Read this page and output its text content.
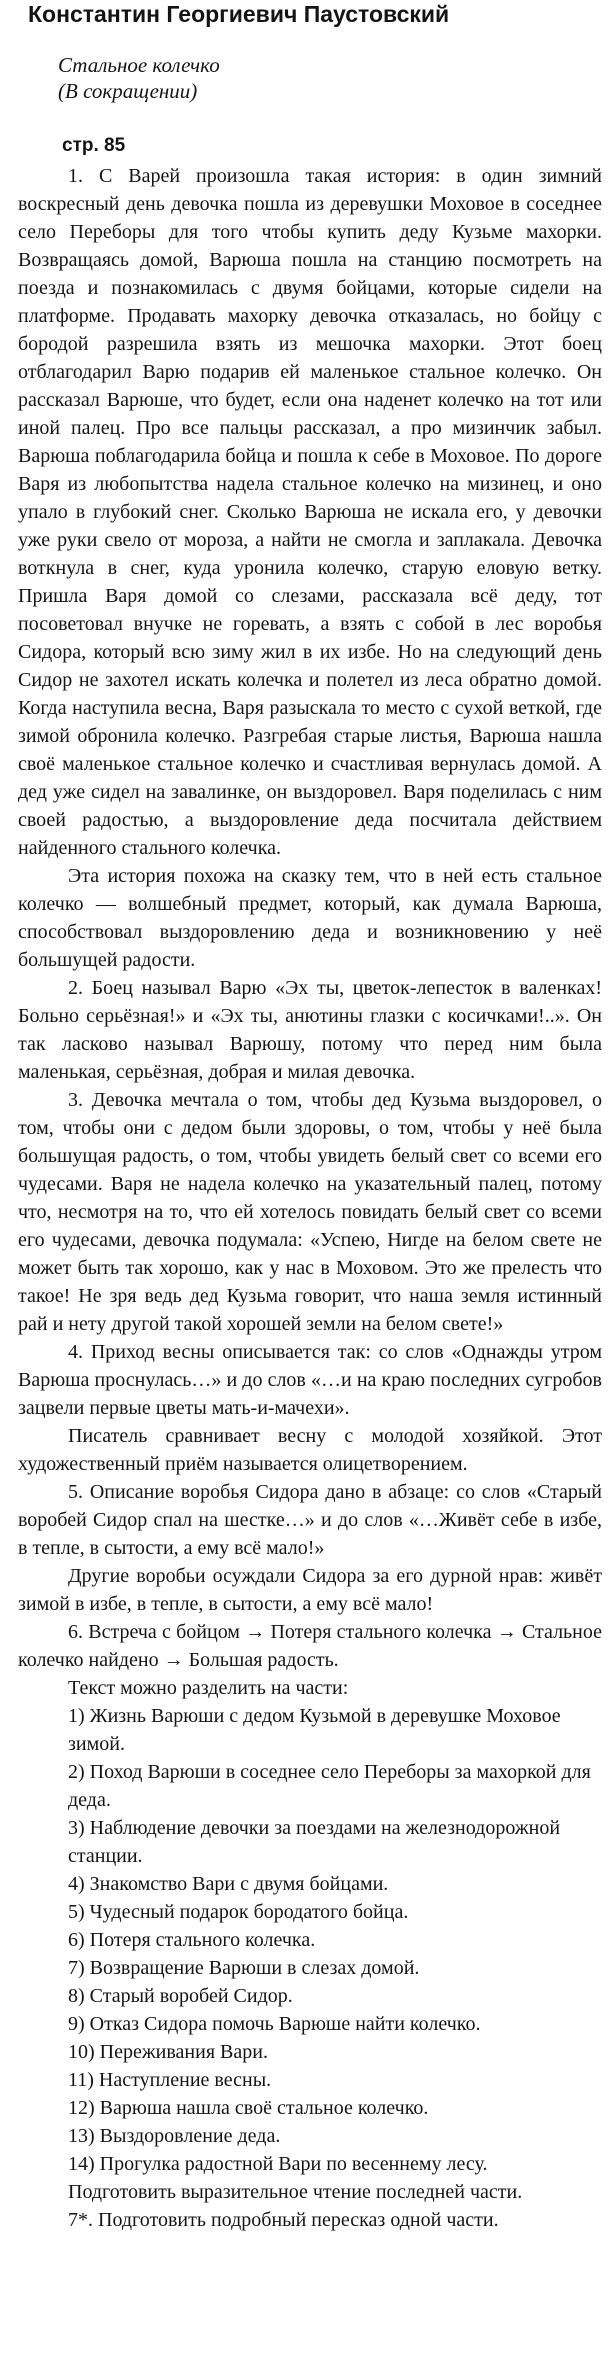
Константин Георгиевич Паустовский
Стальное колечко
(В сокращении)
стр. 85

1. С Варей произошла такая история: в один зимний воскресный день девочка пошла из деревушки Моховое в соседнее село Переборы для того чтобы купить деду Кузьме махорки. Возвращаясь домой, Варюша пошла на станцию посмотреть на поезда и познакомилась с двумя бойцами, которые сидели на платформе. Продавать махорку девочка отказалась, но бойцу с бородой разрешила взять из мешочка махорки. Этот боец отблагодарил Варю подарив ей маленькое стальное колечко. Он рассказал Варюше, что будет, если она наденет колечко на тот или иной палец. Про все пальцы рассказал, а про мизинчик забыл. Варюша поблагодарила бойца и пошла к себе в Моховое. По дороге Варя из любопытства надела стальное колечко на мизинец, и оно упало в глубокий снег. Сколько Варюша не искала его, у девочки уже руки свело от мороза, а найти не смогла и заплакала. Девочка воткнула в снег, куда уронила колечко, старую еловую ветку. Пришла Варя домой со слезами, рассказала всё деду, тот посоветовал внучке не горевать, а взять с собой в лес воробья Сидора, который всю зиму жил в их избе. Но на следующий день Сидор не захотел искать колечка и полетел из леса обратно домой. Когда наступила весна, Варя разыскала то место с сухой веткой, где зимой обронила колечко. Разгребая старые листья, Варюша нашла своё маленькое стальное колечко и счастливая вернулась домой. А дед уже сидел на завалинке, он выздоровел. Варя поделилась с ним своей радостью, а выздоровление деда посчитала действием найденного стального колечка.

Эта история похожа на сказку тем, что в ней есть стальное колечко — волшебный предмет, который, как думала Варюша, способствовал выздоровлению деда и возникновению у неё большущей радости.

2. Боец называл Варю «Эх ты, цветок-лепесток в валенках! Больно серьёзная!» и «Эх ты, анютины глазки с косичками!..». Он так ласково называл Варюшу, потому что перед ним была маленькая, серьёзная, добрая и милая девочка.

3. Девочка мечтала о том, чтобы дед Кузьма выздоровел, о том, чтобы они с дедом были здоровы, о том, чтобы у неё была большущая радость, о том, чтобы увидеть белый свет со всеми его чудесами. Варя не надела колечко на указательный палец, потому что, несмотря на то, что ей хотелось повидать белый свет со всеми его чудесами, девочка подумала: «Успею, Нигде на белом свете не может быть так хорошо, как у нас в Моховом. Это же прелесть что такое! Не зря ведь дед Кузьма говорит, что наша земля истинный рай и нету другой такой хорошей земли на белом свете!»

4. Приход весны описывается так: со слов «Однажды утром Варюша проснулась…» и до слов «…и на краю последних сугробов зацвели первые цветы мать-и-мачехи».

Писатель сравнивает весну с молодой хозяйкой. Этот художественный приём называется олицетворением.

5. Описание воробья Сидора дано в абзаце: со слов «Старый воробей Сидор спал на шестке…» и до слов «…Живёт себе в избе, в тепле, в сытости, а ему всё мало!»

Другие воробьи осуждали Сидора за его дурной нрав: живёт зимой в избе, в тепле, в сытости, а ему всё мало!

6. Встреча с бойцом → Потеря стального колечка → Стальное колечко найдено → Большая радость.

Текст можно разделить на части:

1) Жизнь Варюши с дедом Кузьмой в деревушке Моховое зимой.
2) Поход Варюши в соседнее село Переборы за махоркой для деда.
3) Наблюдение девочки за поездами на железнодорожной станции.
4) Знакомство Вари с двумя бойцами.
5) Чудесный подарок бородатого бойца.
6) Потеря стального колечка.
7) Возвращение Варюши в слезах домой.
8) Старый воробей Сидор.
9) Отказ Сидора помочь Варюше найти колечко.
10) Переживания Вари.
11) Наступление весны.
12) Варюша нашла своё стальное колечко.
13) Выздоровление деда.
14) Прогулка радостной Вари по весеннему лесу.

Подготовить выразительное чтение последней части.

7*. Подготовить подробный пересказ одной части.
